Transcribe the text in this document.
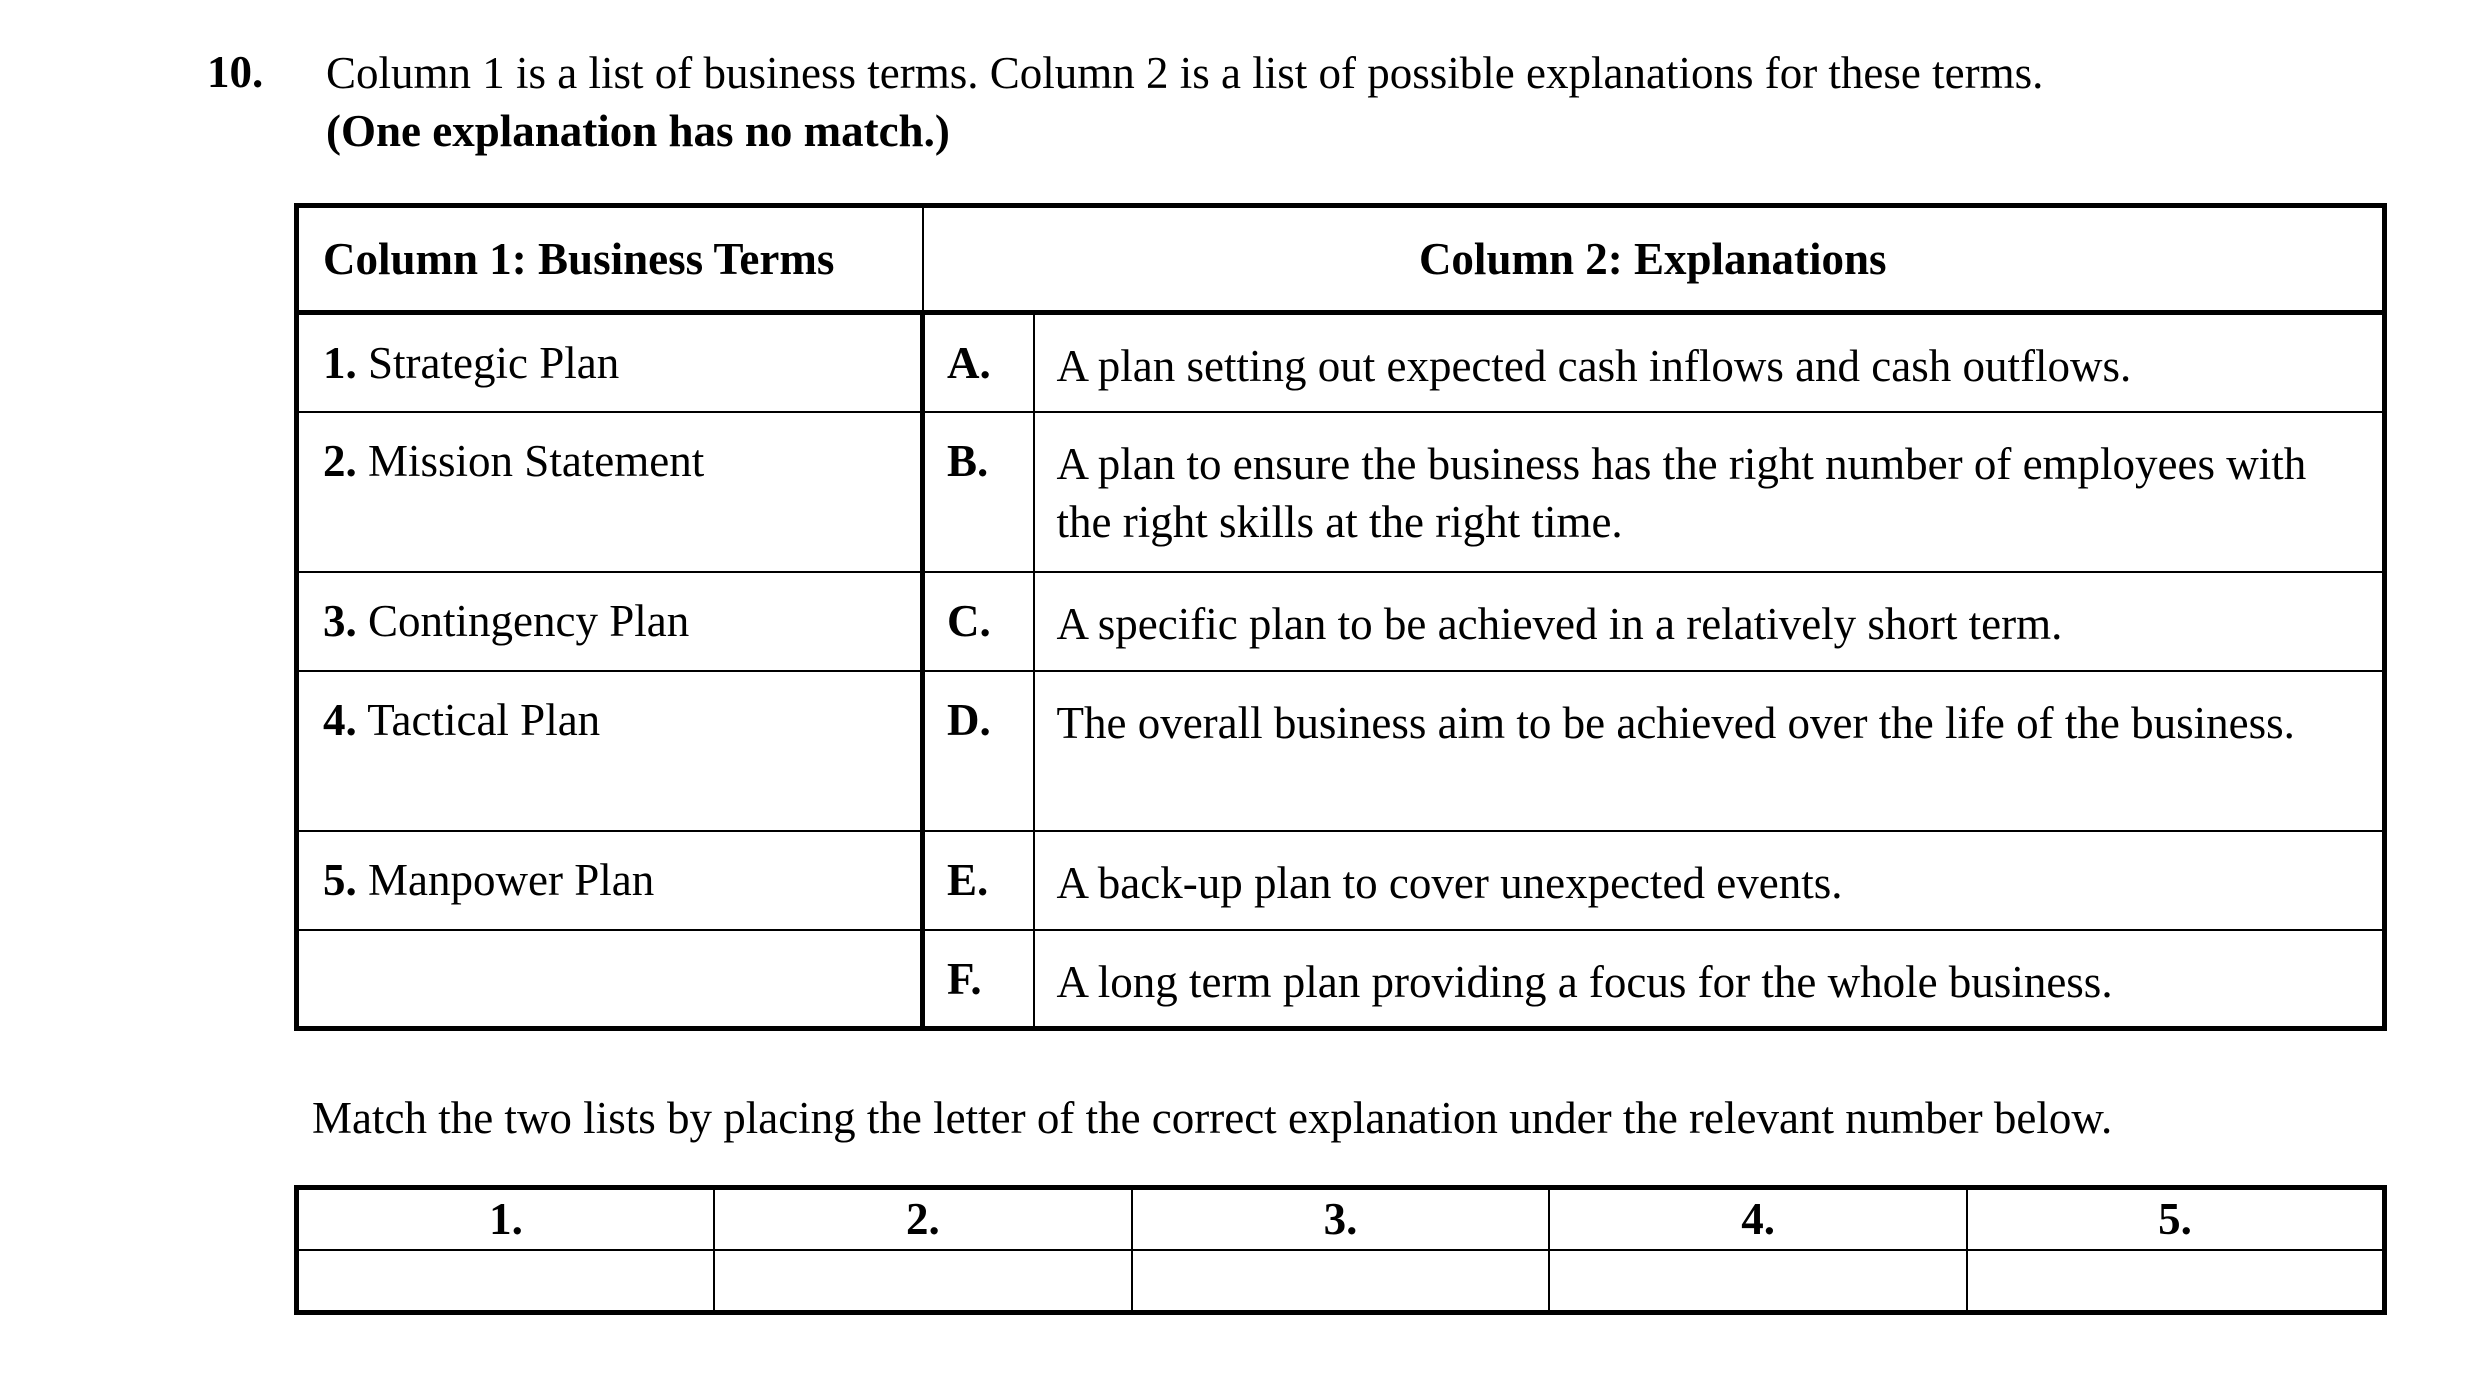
10. Column 1 is a list of business terms. Column 2 is a list of possible explanations for these terms.
(One explanation has no match.)
Column 1: Business Terms	Column 2: Explanations	
1. Strategic Plan	A.	A plan setting out expected cash inflows and cash outflows.
2. Mission Statement	B.	A plan to ensure the business has the right number of employees with the right skills at the right time.
3. Contingency Plan	C.	A specific plan to be achieved in a relatively short term.
4. Tactical Plan	D.	The overall business aim to be achieved over the life of the business.
5. Manpower Plan	E.	A back-up plan to cover unexpected events.
	F.	A long term plan providing a focus for the whole business.
Match the two lists by placing the letter of the correct explanation under the relevant number below.
1.	2.	3.	4.	5.
